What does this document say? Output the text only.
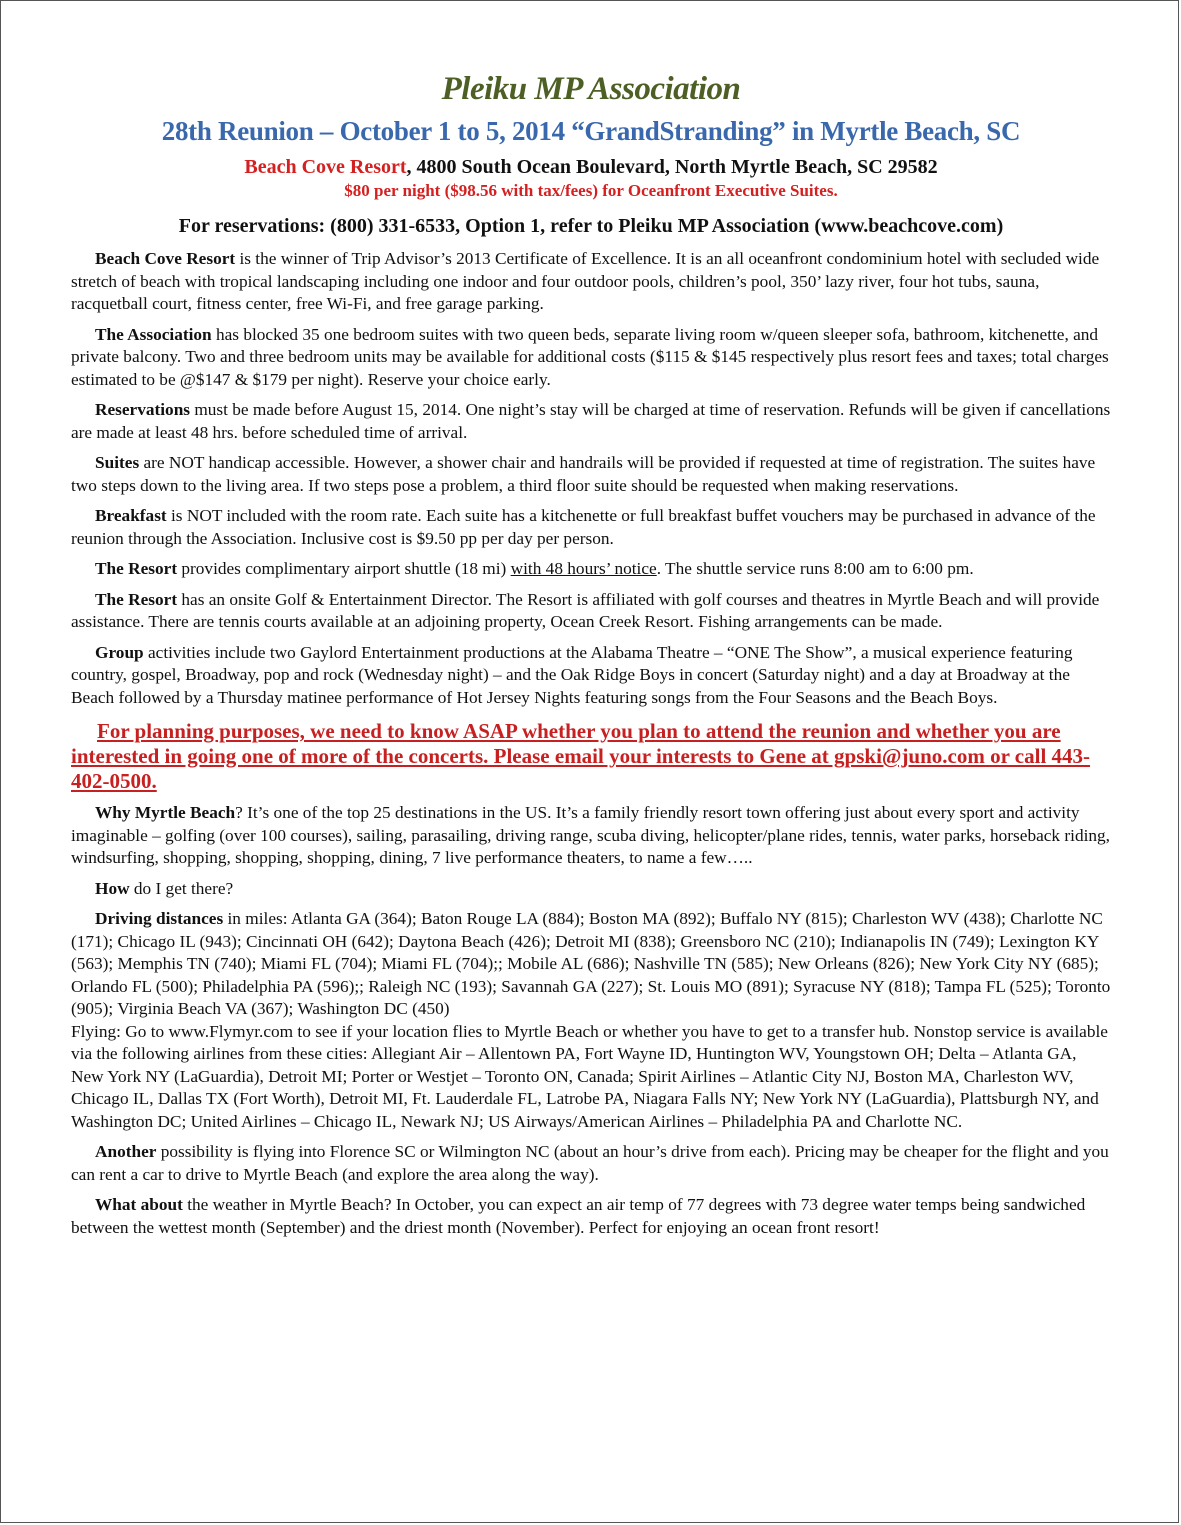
Pleiku MP Association
28th Reunion – October 1 to 5, 2014 “GrandStranding” in Myrtle Beach, SC

Beach Cove Resort, 4800 South Ocean Boulevard, North Myrtle Beach, SC 29582

$80 per night ($98.56 with tax/fees) for Oceanfront Executive Suites.

For reservations: (800) 331-6533, Option 1, refer to Pleiku MP Association (www.beachcove.com)

Beach Cove Resort is the winner of Trip Advisor’s 2013 Certificate of Excellence. It is an all oceanfront condominium hotel with secluded wide stretch of beach with tropical landscaping including one indoor and four outdoor pools, children’s pool, 350’ lazy river, four hot tubs, sauna, racquetball court, fitness center, free Wi-Fi, and free garage parking.

The Association has blocked 35 one bedroom suites with two queen beds, separate living room w/queen sleeper sofa, bathroom, kitchenette, and private balcony. Two and three bedroom units may be available for additional costs ($115 & $145 respectively plus resort fees and taxes; total charges estimated to be @$147 & $179 per night). Reserve your choice early.

Reservations must be made before August 15, 2014. One night’s stay will be charged at time of reservation. Refunds will be given if cancellations are made at least 48 hrs. before scheduled time of arrival.

Suites are NOT handicap accessible. However, a shower chair and handrails will be provided if requested at time of registration. The suites have two steps down to the living area. If two steps pose a problem, a third floor suite should be requested when making reservations.

Breakfast is NOT included with the room rate. Each suite has a kitchenette or full breakfast buffet vouchers may be purchased in advance of the reunion through the Association. Inclusive cost is $9.50 pp per day per person.

The Resort provides complimentary airport shuttle (18 mi) with 48 hours’ notice. The shuttle service runs 8:00 am to 6:00 pm.

The Resort has an onsite Golf & Entertainment Director. The Resort is affiliated with golf courses and theatres in Myrtle Beach and will provide assistance. There are tennis courts available at an adjoining property, Ocean Creek Resort. Fishing arrangements can be made.

Group activities include two Gaylord Entertainment productions at the Alabama Theatre – “ONE The Show”, a musical experience featuring country, gospel, Broadway, pop and rock (Wednesday night) – and the Oak Ridge Boys in concert (Saturday night) and a day at Broadway at the Beach followed by a Thursday matinee performance of Hot Jersey Nights featuring songs from the Four Seasons and the Beach Boys.

For planning purposes, we need to know ASAP whether you plan to attend the reunion and whether you are interested in going one of more of the concerts. Please email your interests to Gene at gpski@juno.com or call 443-402-0500.

Why Myrtle Beach? It’s one of the top 25 destinations in the US. It’s a family friendly resort town offering just about every sport and activity imaginable – golfing (over 100 courses), sailing, parasailing, driving range, scuba diving, helicopter/plane rides, tennis, water parks, horseback riding, windsurfing, shopping, shopping, shopping, dining, 7 live performance theaters, to name a few…..

How do I get there?

Driving distances in miles: Atlanta GA (364); Baton Rouge LA (884); Boston MA (892); Buffalo NY (815); Charleston WV (438); Charlotte NC (171); Chicago IL (943); Cincinnati OH (642); Daytona Beach (426); Detroit MI (838); Greensboro NC (210); Indianapolis IN (749); Lexington KY (563); Memphis TN (740); Miami FL (704); Miami FL (704);; Mobile AL (686); Nashville TN (585); New Orleans (826); New York City NY (685); Orlando FL (500); Philadelphia PA (596);; Raleigh NC (193); Savannah GA (227); St. Louis MO (891); Syracuse NY (818); Tampa FL (525); Toronto (905); Virginia Beach VA (367); Washington DC (450)

Flying: Go to www.Flymyr.com to see if your location flies to Myrtle Beach or whether you have to get to a transfer hub. Nonstop service is available via the following airlines from these cities: Allegiant Air – Allentown PA, Fort Wayne ID, Huntington WV, Youngstown OH; Delta – Atlanta GA, New York NY (LaGuardia), Detroit MI; Porter or Westjet – Toronto ON, Canada; Spirit Airlines – Atlantic City NJ, Boston MA, Charleston WV, Chicago IL, Dallas TX (Fort Worth), Detroit MI, Ft. Lauderdale FL, Latrobe PA, Niagara Falls NY; New York NY (LaGuardia), Plattsburgh NY, and Washington DC; United Airlines – Chicago IL, Newark NJ; US Airways/American Airlines – Philadelphia PA and Charlotte NC.

Another possibility is flying into Florence SC or Wilmington NC (about an hour’s drive from each). Pricing may be cheaper for the flight and you can rent a car to drive to Myrtle Beach (and explore the area along the way).

What about the weather in Myrtle Beach? In October, you can expect an air temp of 77 degrees with 73 degree water temps being sandwiched between the wettest month (September) and the driest month (November). Perfect for enjoying an ocean front resort!
